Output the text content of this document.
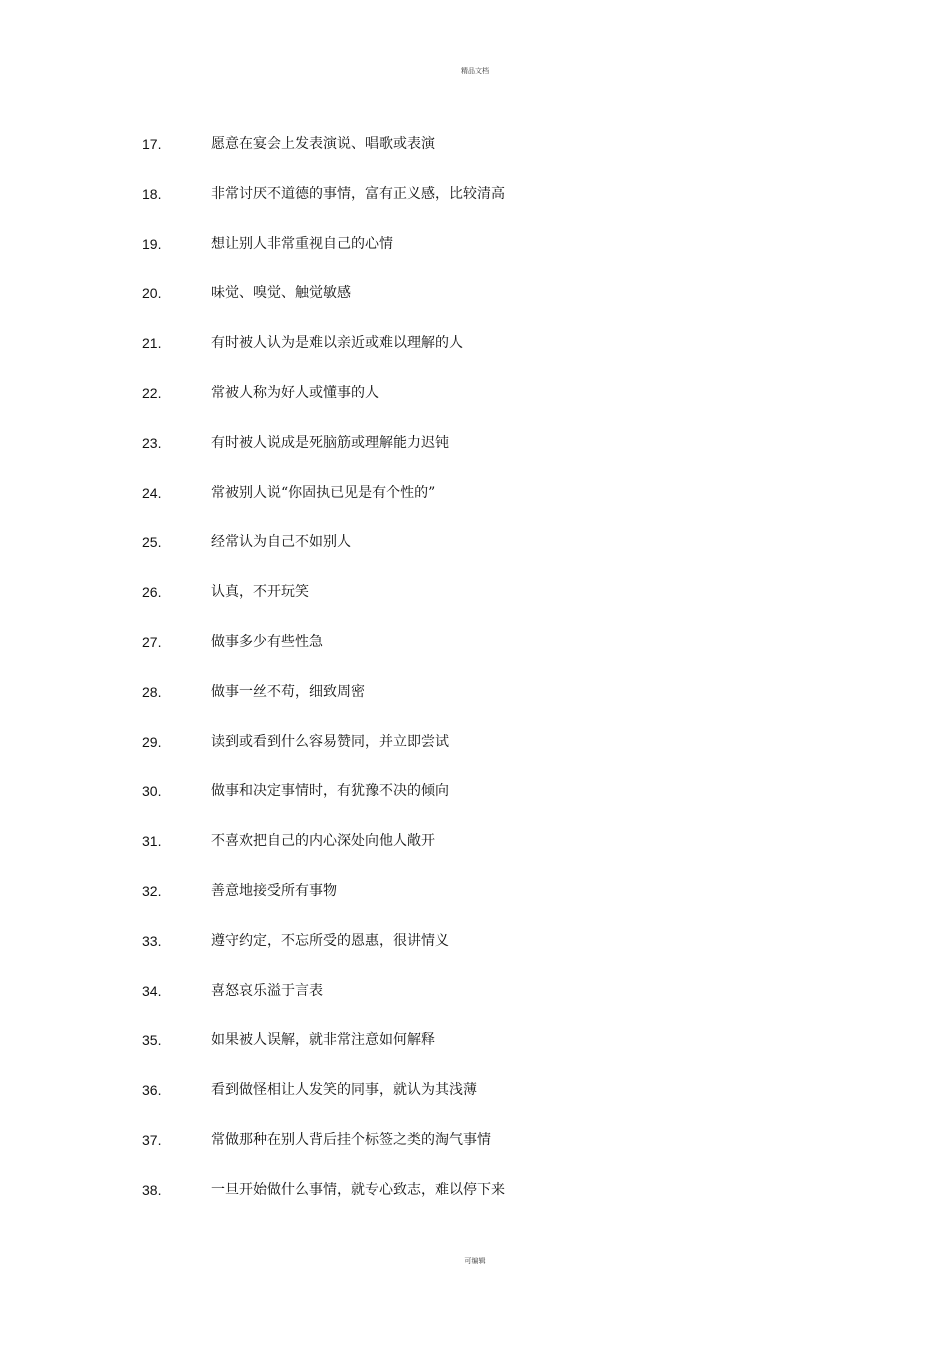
精品文档
17.	愿意在宴会上发表演说、唱歌或表演
18.	非常讨厌不道德的事情，富有正义感，比较清高
19.	想让别人非常重视自己的心情
20.	味觉、嗅觉、触觉敏感
21.	有时被人认为是难以亲近或难以理解的人
22.	常被人称为好人或懂事的人
23.	有时被人说成是死脑筋或理解能力迟钝
24.	常被别人说“你固执已见是有个性的”
25.	经常认为自己不如别人
26.	认真，不开玩笑
27.	做事多少有些性急
28.	做事一丝不苟，细致周密
29.	读到或看到什么容易赞同，并立即尝试
30.	做事和决定事情时，有犹豫不决的倾向
31.	不喜欢把自己的内心深处向他人敞开
32.	善意地接受所有事物
33.	遵守约定，不忘所受的恩惠，很讲情义
34.	喜怒哀乐溢于言表
35.	如果被人误解，就非常注意如何解释
36.	看到做怪相让人发笑的同事，就认为其浅薄
37.	常做那种在别人背后挂个标签之类的淘气事情
38.	一旦开始做什么事情，就专心致志，难以停下来
可编辑
